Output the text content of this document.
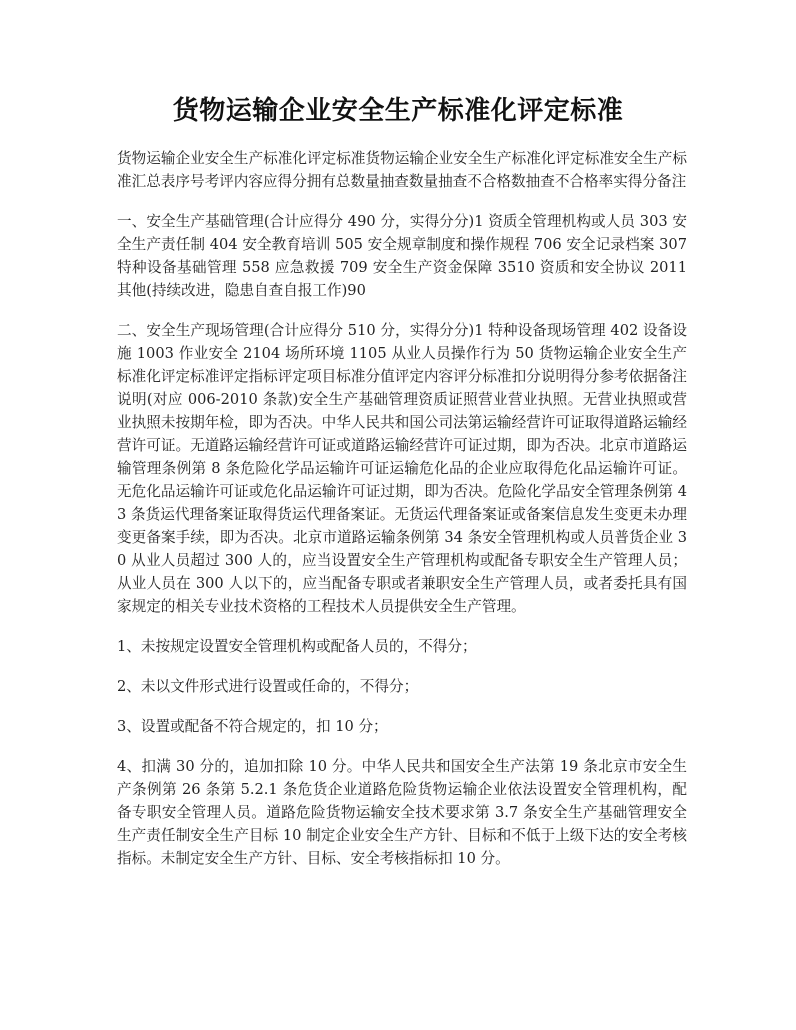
货物运输企业安全生产标准化评定标准

货物运输企业安全生产标准化评定标准货物运输企业安全生产标准化评定标准安全生产标准汇总表序号考评内容应得分拥有总数量抽查数量抽查不合格数抽查不合格率实得分备注

一、安全生产基础管理(合计应得分 490 分，实得分分)1 资质全管理机构或人员 303 安全生产责任制 404 安全教育培训 505 安全规章制度和操作规程 706 安全记录档案 307 特种设备基础管理 558 应急救援 709 安全生产资金保障 3510 资质和安全协议 2011 其他(持续改进，隐患自查自报工作)90

二、安全生产现场管理(合计应得分 510 分，实得分分)1 特种设备现场管理 402 设备设施 1003 作业安全 2104 场所环境 1105 从业人员操作行为 50 货物运输企业安全生产标准化评定标准评定指标评定项目标准分值评定内容评分标准扣分说明得分参考依据备注说明(对应 006-2010 条款)安全生产基础管理资质证照营业营业执照。无营业执照或营业执照未按期年检，即为否决。中华人民共和国公司法第运输经营许可证取得道路运输经营许可证。无道路运输经营许可证或道路运输经营许可证过期，即为否决。北京市道路运输管理条例第 8 条危险化学品运输许可证运输危化品的企业应取得危化品运输许可证。无危化品运输许可证或危化品运输许可证过期，即为否决。危险化学品安全管理条例第 43 条货运代理备案证取得货运代理备案证。无货运代理备案证或备案信息发生变更未办理变更备案手续，即为否决。北京市道路运输条例第 34 条安全管理机构或人员普货企业 30 从业人员超过 300 人的，应当设置安全生产管理机构或配备专职安全生产管理人员；从业人员在 300 人以下的，应当配备专职或者兼职安全生产管理人员，或者委托具有国家规定的相关专业技术资格的工程技术人员提供安全生产管理。

1、未按规定设置安全管理机构或配备人员的，不得分；

2、未以文件形式进行设置或任命的，不得分；

3、设置或配备不符合规定的，扣 10 分；

4、扣满 30 分的，追加扣除 10 分。中华人民共和国安全生产法第 19 条北京市安全生产条例第 26 条第 5.2.1 条危货企业道路危险货物运输企业依法设置安全管理机构，配备专职安全管理人员。道路危险货物运输安全技术要求第 3.7 条安全生产基础管理安全生产责任制安全生产目标 10 制定企业安全生产方针、目标和不低于上级下达的安全考核指标。未制定安全生产方针、目标、安全考核指标扣 10 分。
